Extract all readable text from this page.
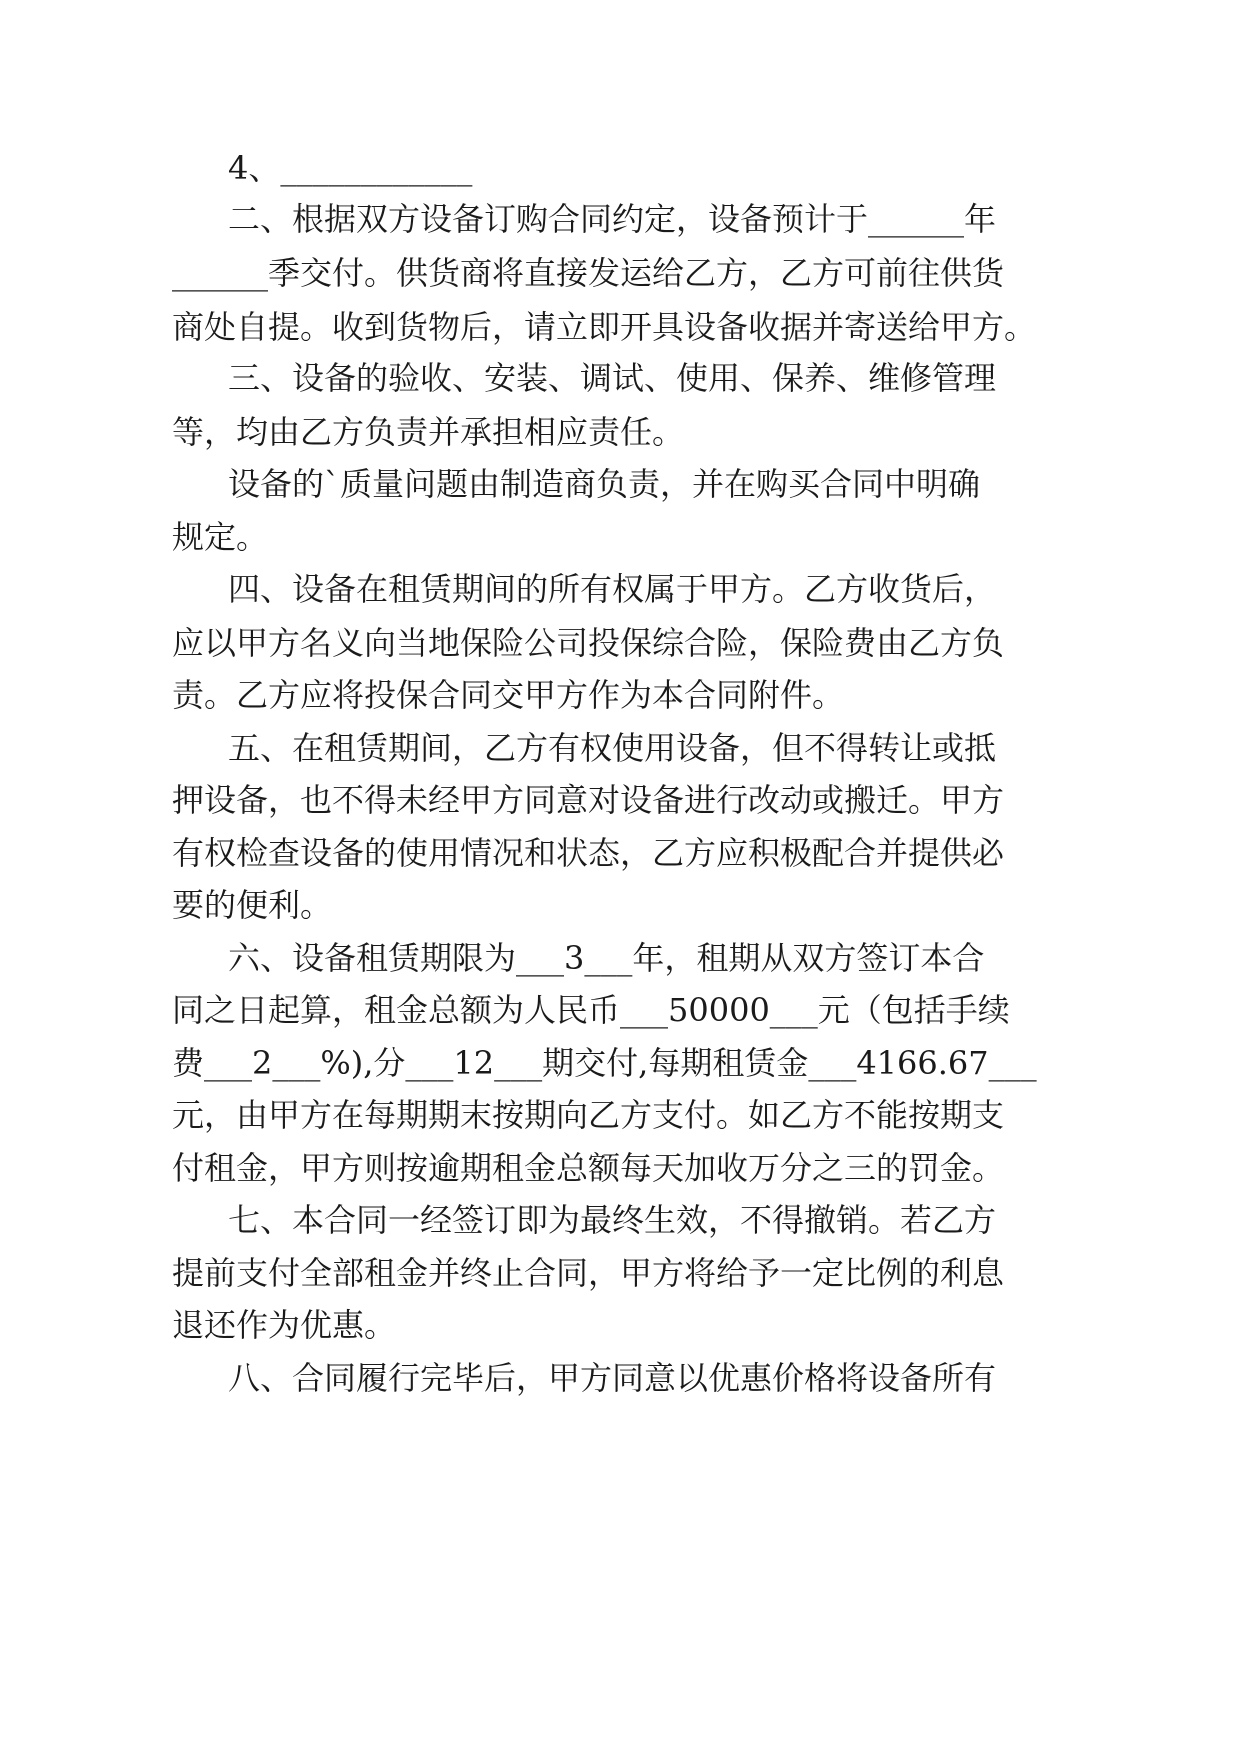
4、____________
二、根据双方设备订购合同约定，设备预计于______年
______季交付。供货商将直接发运给乙方，乙方可前往供货
商处自提。收到货物后，请立即开具设备收据并寄送给甲方。
三、设备的验收、安装、调试、使用、保养、维修管理
等，均由乙方负责并承担相应责任。
设备的`质量问题由制造商负责，并在购买合同中明确
规定。
四、设备在租赁期间的所有权属于甲方。乙方收货后，
应以甲方名义向当地保险公司投保综合险，保险费由乙方负
责。乙方应将投保合同交甲方作为本合同附件。
五、在租赁期间，乙方有权使用设备，但不得转让或抵
押设备，也不得未经甲方同意对设备进行改动或搬迁。甲方
有权检查设备的使用情况和状态，乙方应积极配合并提供必
要的便利。
六、设备租赁期限为___3___年，租期从双方签订本合
同之日起算，租金总额为人民币___50000___元（包括手续
费___2___%),分___12___期交付,每期租赁金___4166.67___
元，由甲方在每期期末按期向乙方支付。如乙方不能按期支
付租金，甲方则按逾期租金总额每天加收万分之三的罚金。
七、本合同一经签订即为最终生效，不得撤销。若乙方
提前支付全部租金并终止合同，甲方将给予一定比例的利息
退还作为优惠。
八、合同履行完毕后，甲方同意以优惠价格将设备所有
